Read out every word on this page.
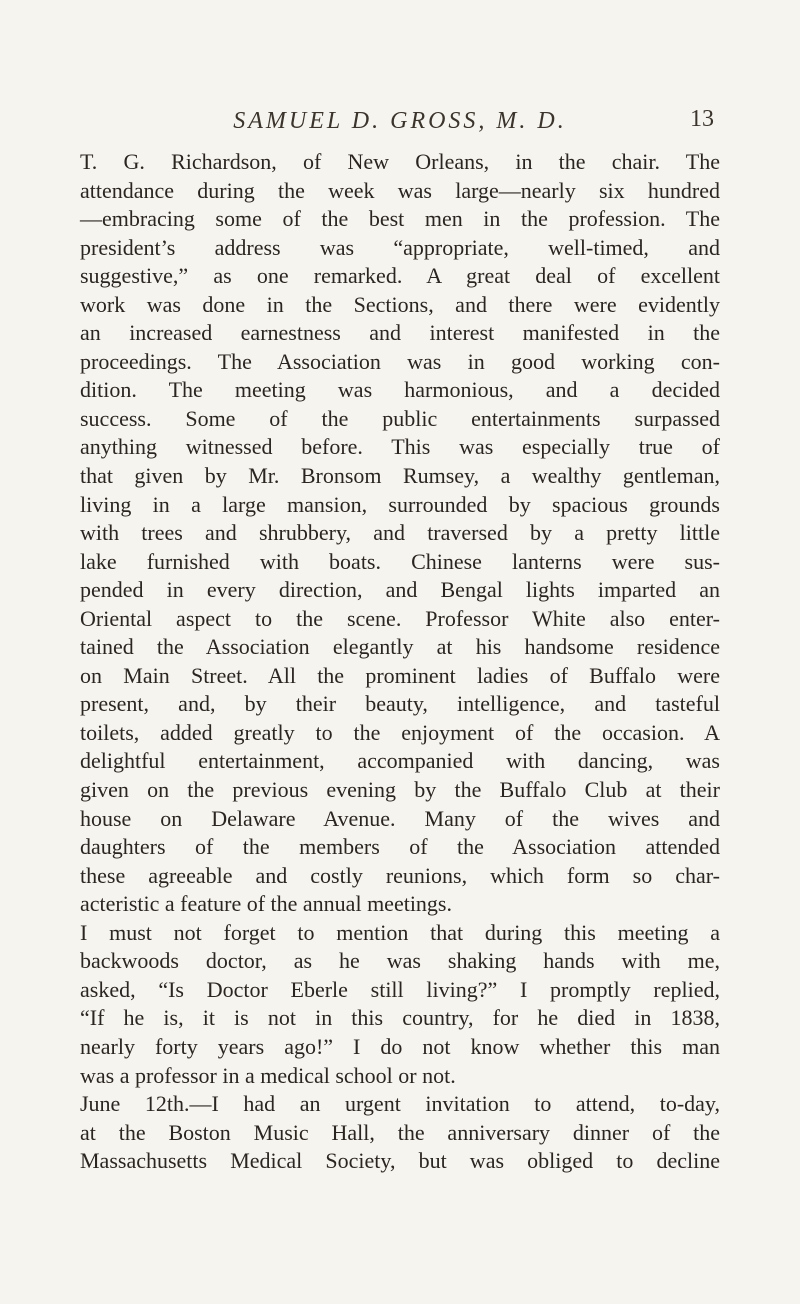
SAMUEL D. GROSS, M. D.	13
T. G. Richardson, of New Orleans, in the chair. The
attendance during the week was large—nearly six hundred
—embracing some of the best men in the profession. The
president’s address was “appropriate, well-timed, and
suggestive,” as one remarked. A great deal of excellent
work was done in the Sections, and there were evidently
an increased earnestness and interest manifested in the
proceedings. The Association was in good working con-
dition. The meeting was harmonious, and a decided
success. Some of the public entertainments surpassed
anything witnessed before. This was especially true of
that given by Mr. Bronsom Rumsey, a wealthy gentleman,
living in a large mansion, surrounded by spacious grounds
with trees and shrubbery, and traversed by a pretty little
lake furnished with boats. Chinese lanterns were sus-
pended in every direction, and Bengal lights imparted an
Oriental aspect to the scene. Professor White also enter-
tained the Association elegantly at his handsome residence
on Main Street. All the prominent ladies of Buffalo were
present, and, by their beauty, intelligence, and tasteful
toilets, added greatly to the enjoyment of the occasion. A
delightful entertainment, accompanied with dancing, was
given on the previous evening by the Buffalo Club at their
house on Delaware Avenue. Many of the wives and
daughters of the members of the Association attended
these agreeable and costly reunions, which form so char-
acteristic a feature of the annual meetings.
I must not forget to mention that during this meeting a
backwoods doctor, as he was shaking hands with me,
asked, “Is Doctor Eberle still living?” I promptly replied,
“If he is, it is not in this country, for he died in 1838,
nearly forty years ago!” I do not know whether this man
was a professor in a medical school or not.
June 12th.—I had an urgent invitation to attend, to-day,
at the Boston Music Hall, the anniversary dinner of the
Massachusetts Medical Society, but was obliged to decline
